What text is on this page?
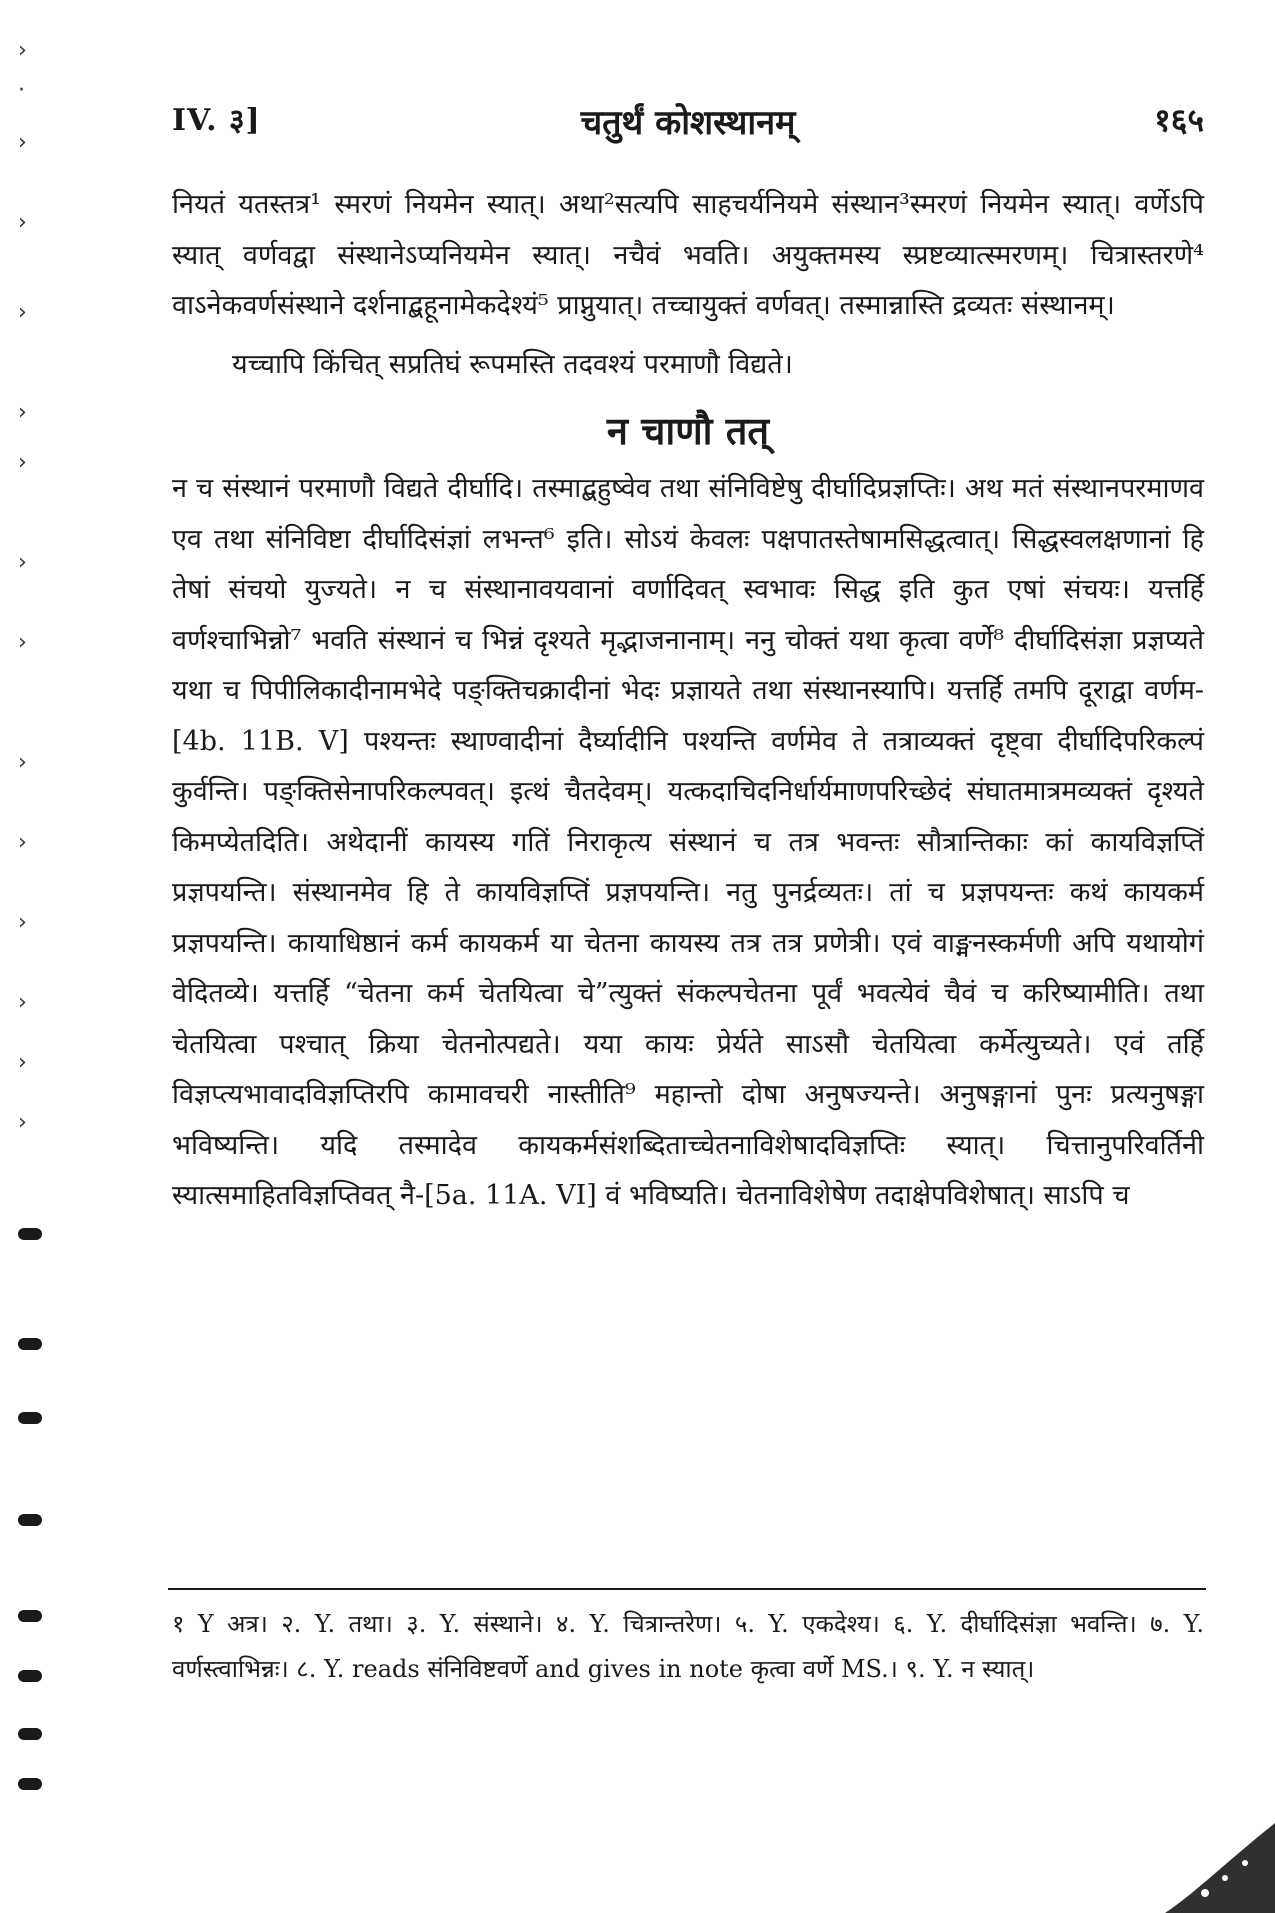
›
·
›
›
›
›
›
›
›
›
›
›
›
›
›
IV. ३]	चतुर्थं कोशस्थानम्	१६५

नियतं यतस्तत्र¹ स्मरणं नियमेन स्यात्। अथा²सत्यपि साहचर्यनियमे संस्थान³स्मरणं नियमेन स्यात्। वर्णेऽपि स्यात् वर्णवद्वा संस्थानेऽप्यनियमेन स्यात्। नचैवं भवति। अयुक्तमस्य स्प्रष्टव्यात्स्मरणम्। चित्रास्तरणे⁴ वाऽनेकवर्णसंस्थाने दर्शनाद्बहूनामेकदेश्यं⁵ प्राप्नुयात्। तच्चायुक्तं वर्णवत्। तस्मान्नास्ति द्रव्यतः संस्थानम्।

यच्चापि किंचित् सप्रतिघं रूपमस्ति तदवश्यं परमाणौ विद्यते।

न चाणौ तत्

न च संस्थानं परमाणौ विद्यते दीर्घादि। तस्माद्बहुष्वेव तथा संनिविष्टेषु दीर्घादिप्रज्ञप्तिः। अथ मतं संस्थानपरमाणव एव तथा संनिविष्टा दीर्घादिसंज्ञां लभन्त⁶ इति। सोऽयं केवलः पक्षपातस्तेषामसिद्धत्वात्। सिद्धस्वलक्षणानां हि तेषां संचयो युज्यते। न च संस्थानावयवानां वर्णादिवत् स्वभावः सिद्ध इति कुत एषां संचयः। यत्तर्हि वर्णश्चाभिन्नो⁷ भवति संस्थानं च भिन्नं दृश्यते मृद्भाजनानाम्। ननु चोक्तं यथा कृत्वा वर्णे⁸ दीर्घादिसंज्ञा प्रज्ञप्यते यथा च पिपीलिकादीनामभेदे पङ्क्तिचक्रादीनां भेदः प्रज्ञायते तथा संस्थानस्यापि। यत्तर्हि तमपि दूराद्वा वर्णम-[4b. 11B. V] पश्यन्तः स्थाण्वादीनां दैर्घ्यादीनि पश्यन्ति वर्णमेव ते तत्राव्यक्तं दृष्ट्वा दीर्घादिपरिकल्पं कुर्वन्ति। पङ्क्तिसेनापरिकल्पवत्। इत्थं चैतदेवम्। यत्कदाचिदनिर्धार्यमाणपरिच्छेदं संघातमात्रमव्यक्तं दृश्यते किमप्येतदिति। अथेदानीं कायस्य गतिं निराकृत्य संस्थानं च तत्र भवन्तः सौत्रान्तिकाः कां कायविज्ञप्तिं प्रज्ञपयन्ति। संस्थानमेव हि ते कायविज्ञप्तिं प्रज्ञपयन्ति। नतु पुनर्द्रव्यतः। तां च प्रज्ञपयन्तः कथं कायकर्म प्रज्ञपयन्ति। कायाधिष्ठानं कर्म कायकर्म या चेतना कायस्य तत्र तत्र प्रणेत्री। एवं वाङ्मनस्कर्मणी अपि यथायोगं वेदितव्ये। यत्तर्हि “चेतना कर्म चेतयित्वा चे”त्युक्तं संकल्पचेतना पूर्वं भवत्येवं चैवं च करिष्यामीति। तथा चेतयित्वा पश्चात् क्रिया चेतनोत्पद्यते। यया कायः प्रेर्यते साऽसौ चेतयित्वा कर्मेत्युच्यते। एवं तर्हि विज्ञप्त्यभावादविज्ञप्तिरपि कामावचरी नास्तीति⁹ महान्तो दोषा अनुषज्यन्ते। अनुषङ्गानां पुनः प्रत्यनुषङ्गा भविष्यन्ति। यदि तस्मादेव कायकर्मसंशब्दिताच्चेतनाविशेषादविज्ञप्तिः स्यात्। चित्तानुपरिवर्तिनी स्यात्समाहितविज्ञप्तिवत् नै-[5a. 11A. VI] वं भविष्यति। चेतनाविशेषेण तदाक्षेपविशेषात्। साऽपि च

१ Y अत्र। २. Y. तथा। ३. Y. संस्थाने। ४. Y. चित्रान्तरेण। ५. Y. एकदेश्य। ६. Y. दीर्घादिसंज्ञा भवन्ति। ७. Y. वर्णस्त्वाभिन्नः। ८. Y. reads संनिविष्टवर्णे and gives in note कृत्वा वर्णे MS.। ९. Y. न स्यात्।
